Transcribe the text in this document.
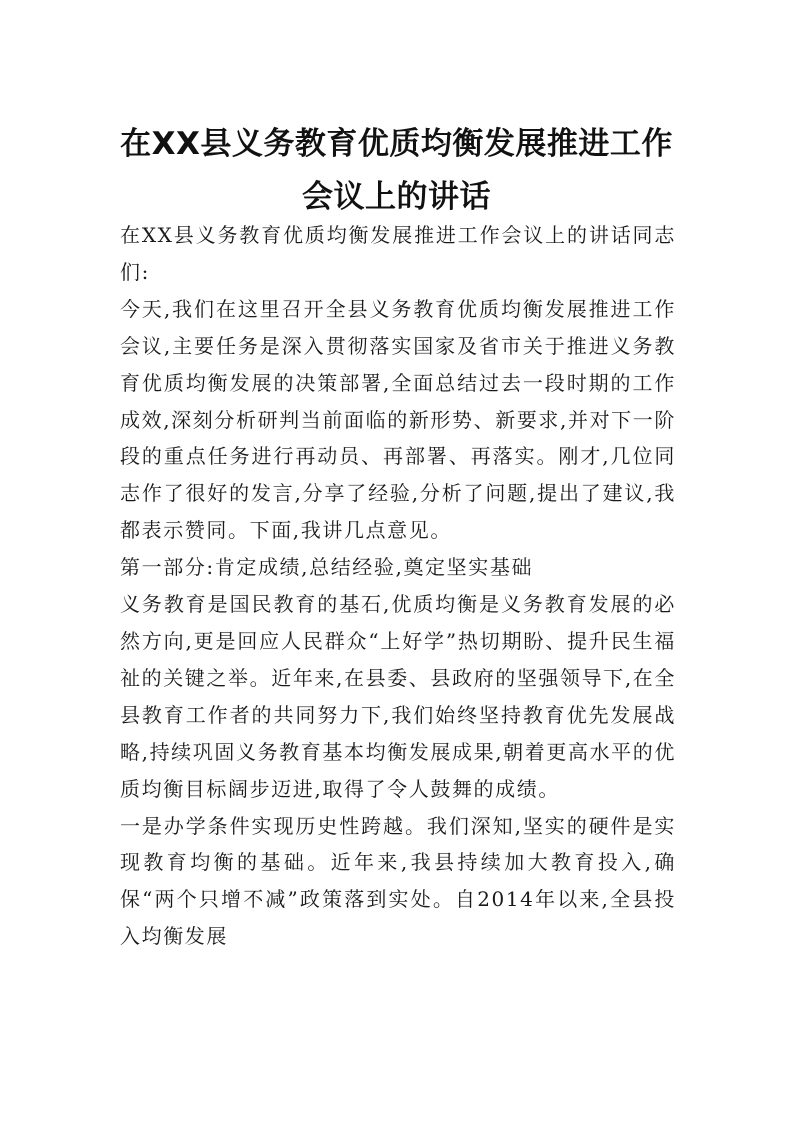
在XX县义务教育优质均衡发展推进工作会议上的讲话

在XX县义务教育优质均衡发展推进工作会议上的讲话同志们:

今天,我们在这里召开全县义务教育优质均衡发展推进工作会议,主要任务是深入贯彻落实国家及省市关于推进义务教育优质均衡发展的决策部署,全面总结过去一段时期的工作成效,深刻分析研判当前面临的新形势、新要求,并对下一阶段的重点任务进行再动员、再部署、再落实。刚才,几位同志作了很好的发言,分享了经验,分析了问题,提出了建议,我都表示赞同。下面,我讲几点意见。

第一部分:肯定成绩,总结经验,奠定坚实基础

义务教育是国民教育的基石,优质均衡是义务教育发展的必然方向,更是回应人民群众“上好学”热切期盼、提升民生福祉的关键之举。近年来,在县委、县政府的坚强领导下,在全县教育工作者的共同努力下,我们始终坚持教育优先发展战略,持续巩固义务教育基本均衡发展成果,朝着更高水平的优质均衡目标阔步迈进,取得了令人鼓舞的成绩。

一是办学条件实现历史性跨越。我们深知,坚实的硬件是实现教育均衡的基础。近年来,我县持续加大教育投入,确保“两个只增不减”政策落到实处。自2014年以来,全县投入均衡发展
